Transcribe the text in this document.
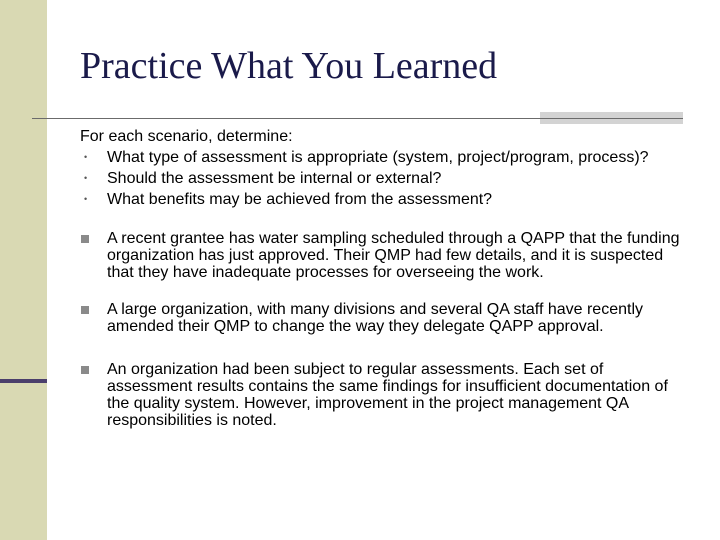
Practice What You Learned

For each scenario, determine:

• What type of assessment is appropriate (system, project/program, process)?
• Should the assessment be internal or external?
• What benefits may be achieved from the assessment?

A recent grantee has water sampling scheduled through a QAPP that the funding organization has just approved. Their QMP had few details, and it is suspected that they have inadequate processes for overseeing the work.

A large organization, with many divisions and several QA staff have recently amended their QMP to change the way they delegate QAPP approval.

An organization had been subject to regular assessments. Each set of assessment results contains the same findings for insufficient documentation of the quality system. However, improvement in the project management QA responsibilities is noted.
